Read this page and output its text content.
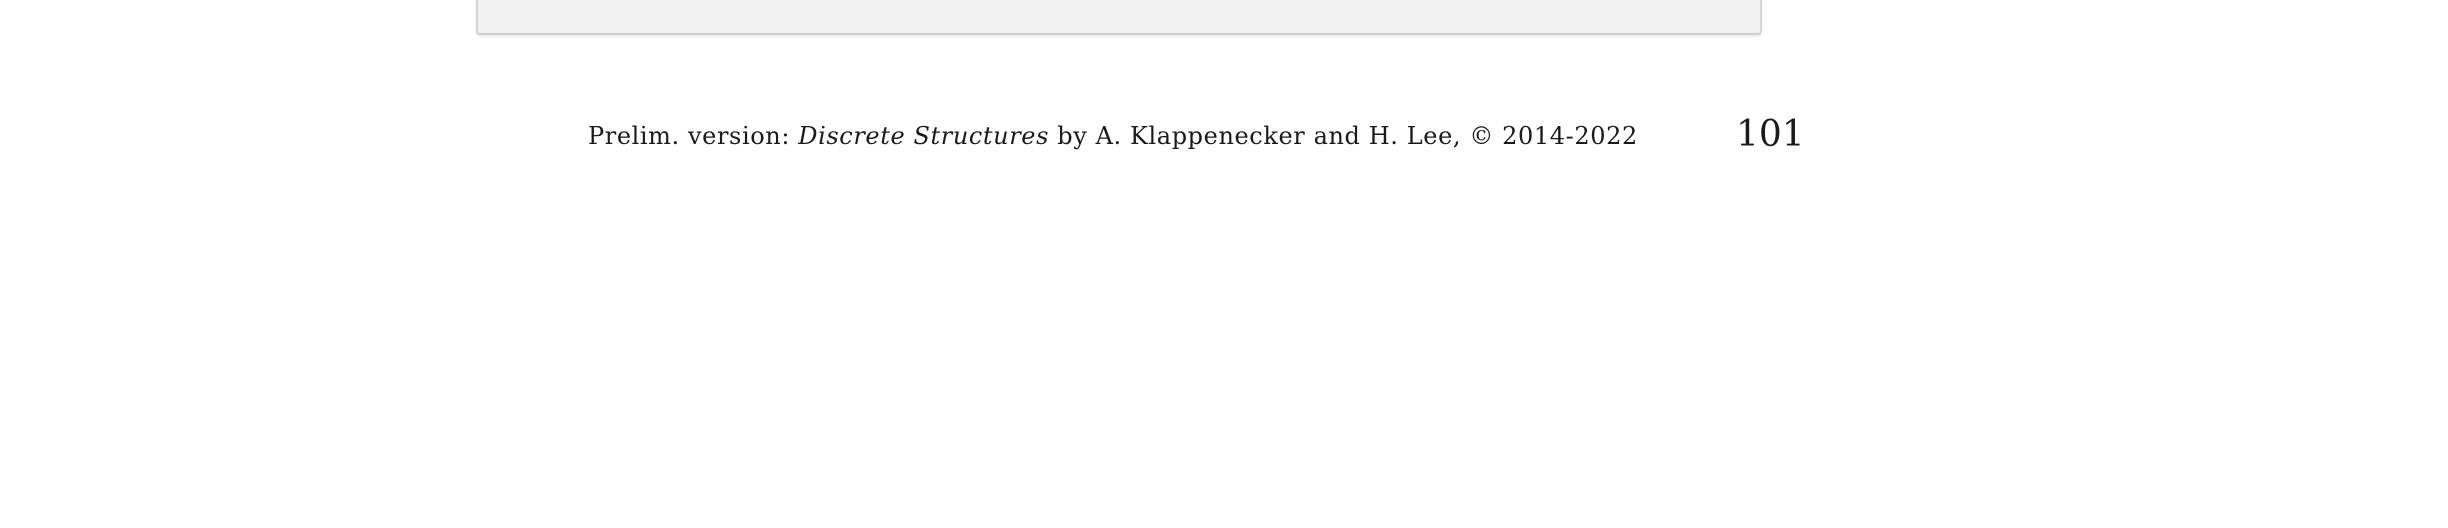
Prelim. version: Discrete Structures by A. Klappenecker and H. Lee, © 2014-2022	101
